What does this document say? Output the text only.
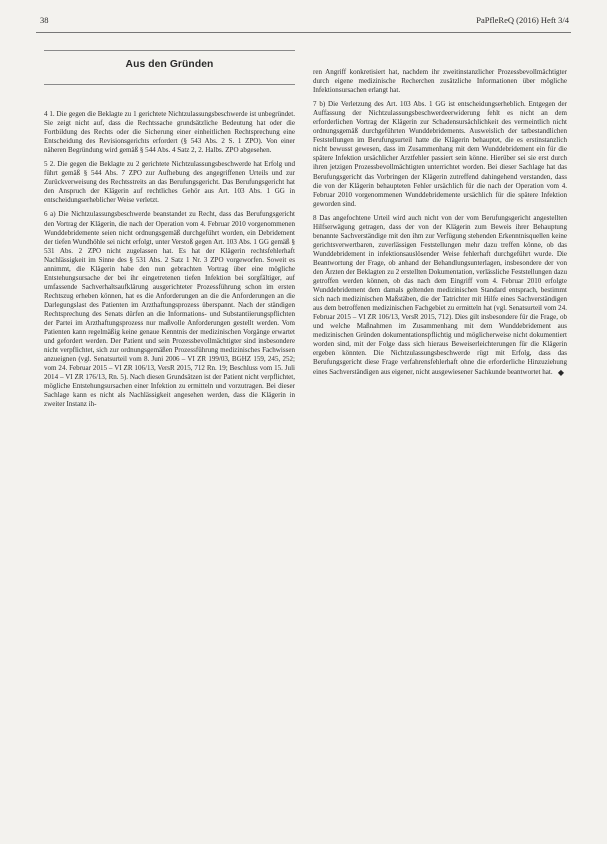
38	PaPfleReQ (2016) Heft 3/4
Aus den Gründen

4 1. Die gegen die Beklagte zu 1 gerichtete Nichtzulassungsbeschwerde ist unbegründet. Sie zeigt nicht auf, dass die Rechtssache grundsätzliche Bedeutung hat oder die Fortbildung des Rechts oder die Sicherung einer einheitlichen Rechtsprechung eine Entscheidung des Revisionsgerichts erfordert (§ 543 Abs. 2 S. 1 ZPO). Von einer näheren Begründung wird gemäß § 544 Abs. 4 Satz 2, 2. Halbs. ZPO abgesehen.

5 2. Die gegen die Beklagte zu 2 gerichtete Nichtzulassungsbeschwerde hat Erfolg und führt gemäß § 544 Abs. 7 ZPO zur Aufhebung des angegriffenen Urteils und zur Zurückverweisung des Rechtsstreits an das Berufungsgericht. Das Berufungsgericht hat den Anspruch der Klägerin auf rechtliches Gehör aus Art. 103 Abs. 1 GG in entscheidungserheblicher Weise verletzt.

6 a) Die Nichtzulassungsbeschwerde beanstandet zu Recht, dass das Berufungsgericht den Vortrag der Klägerin, die nach der Operation vom 4. Februar 2010 vorgenommenen Wunddebridemente seien nicht ordnungsgemäß durchgeführt worden, ein Debridement der tiefen Wundhöhle sei nicht erfolgt, unter Verstoß gegen Art. 103 Abs. 1 GG gemäß § 531 Abs. 2 ZPO nicht zugelassen hat. Es hat der Klägerin rechtsfehlerhaft Nachlässigkeit im Sinne des § 531 Abs. 2 Satz 1 Nr. 3 ZPO vorgeworfen. Soweit es annimmt, die Klägerin habe den nun gebrachten Vortrag über eine mögliche Entstehungsursache der bei ihr eingetretenen tiefen Infektion bei sorgfältiger, auf umfassende Sachverhaltsaufklärung ausgerichteter Prozessführung schon im ersten Rechtszug erheben können, hat es die Anforderungen an die die Anforderungen an die Darlegungslast des Patienten im Arzthaftungsprozess überspannt. Nach der ständigen Rechtsprechung des Senats dürfen an die Informations- und Substantiierungspflichten der Partei im Arzthaftungsprozess nur maßvolle Anforderungen gestellt werden. Vom Patienten kann regelmäßig keine genaue Kenntnis der medizinischen Vorgänge erwartet und gefordert werden. Der Patient und sein Prozessbevollmächtigter sind insbesondere nicht verpflichtet, sich zur ordnungsgemäßen Prozessführung medizinisches Fachwissen anzueignen (vgl. Senatsurteil vom 8. Juni 2006 – VI ZR 199/03, BGHZ 159, 245, 252; vom 24. Februar 2015 – VI ZR 106/13, VersR 2015, 712 Rn. 19; Beschluss vom 15. Juli 2014 – VI ZR 176/13, Rn. 5). Nach diesen Grundsätzen ist der Patient nicht verpflichtet, mögliche Entstehungsursachen einer Infektion zu ermitteln und vorzutragen. Bei dieser Sachlage kann es nicht als Nachlässigkeit angesehen werden, dass die Klägerin in zweiter Instanz ih-

ren Angriff konkretisiert hat, nachdem ihr zweitinstanzlicher Prozessbevollmächtigter durch eigene medizinische Recherchen zusätzliche Informationen über mögliche Infektionsursachen erlangt hat.

7 b) Die Verletzung des Art. 103 Abs. 1 GG ist entscheidungserheblich. Entgegen der Auffassung der Nichtzulassungsbeschwerdeerwiderung fehlt es nicht an dem erforderlichen Vortrag der Klägerin zur Schadensursächlichkeit des vermeintlich nicht ordnungsgemäß durchgeführten Wunddebridements. Ausweislich der tatbestandlichen Feststellungen im Berufungsurteil hatte die Klägerin behauptet, die es erstinstanzlich nicht bewusst gewesen, dass im Zusammenhang mit dem Wunddebridement ein für die spätere Infektion ursächlicher Arztfehler passiert sein könne. Hierüber sei sie erst durch ihren jetzigen Prozessbevollmächtigten unterrichtet worden. Bei dieser Sachlage hat das Berufungsgericht das Vorbringen der Klägerin zutreffend dahingehend verstanden, dass die von der Klägerin behaupteten Fehler ursächlich für die nach der Operation vom 4. Februar 2010 vorgenommenen Wunddebridemente ursächlich für die spätere Infektion geworden sind.

8 Das angefochtene Urteil wird auch nicht von der vom Berufungsgericht angestellten Hilfserwägung getragen, dass der von der Klägerin zum Beweis ihrer Behauptung benannte Sachverständige mit den ihm zur Verfügung stehenden Erkenntnisquellen keine gerichtsverwertbaren, zuverlässigen Feststellungen mehr dazu treffen könne, ob das Wunddebridement in infektionsauslösender Weise fehlerhaft durchgeführt wurde. Die Beantwortung der Frage, ob anhand der Behandlungsunterlagen, insbesondere der von den Ärzten der Beklagten zu 2 erstellten Dokumentation, verlässliche Feststellungen dazu getroffen werden können, ob das nach dem Eingriff vom 4. Februar 2010 erfolgte Wunddebridement dem damals geltenden medizinischen Standard entsprach, bestimmt sich nach medizinischen Maßstäben, die der Tatrichter mit Hilfe eines Sachverständigen aus dem betroffenen medizinischen Fachgebiet zu ermitteln hat (vgl. Senatsurteil vom 24. Februar 2015 – VI ZR 106/13, VersR 2015, 712). Dies gilt insbesondere für die Frage, ob und welche Maßnahmen im Zusammenhang mit dem Wunddebridement aus medizinischen Gründen dokumentationspflichtig und möglicherweise nicht dokumentiert worden sind, mit der Folge dass sich hieraus Beweiserleichterungen für die Klägerin ergeben könnten. Die Nichtzulassungsbeschwerde rügt mit Erfolg, dass das Berufungsgericht diese Frage verfahrensfehlerhaft ohne die erforderliche Hinzuziehung eines Sachverständigen aus eigener, nicht ausgewiesener Sachkunde beantwortet hat. ◆
